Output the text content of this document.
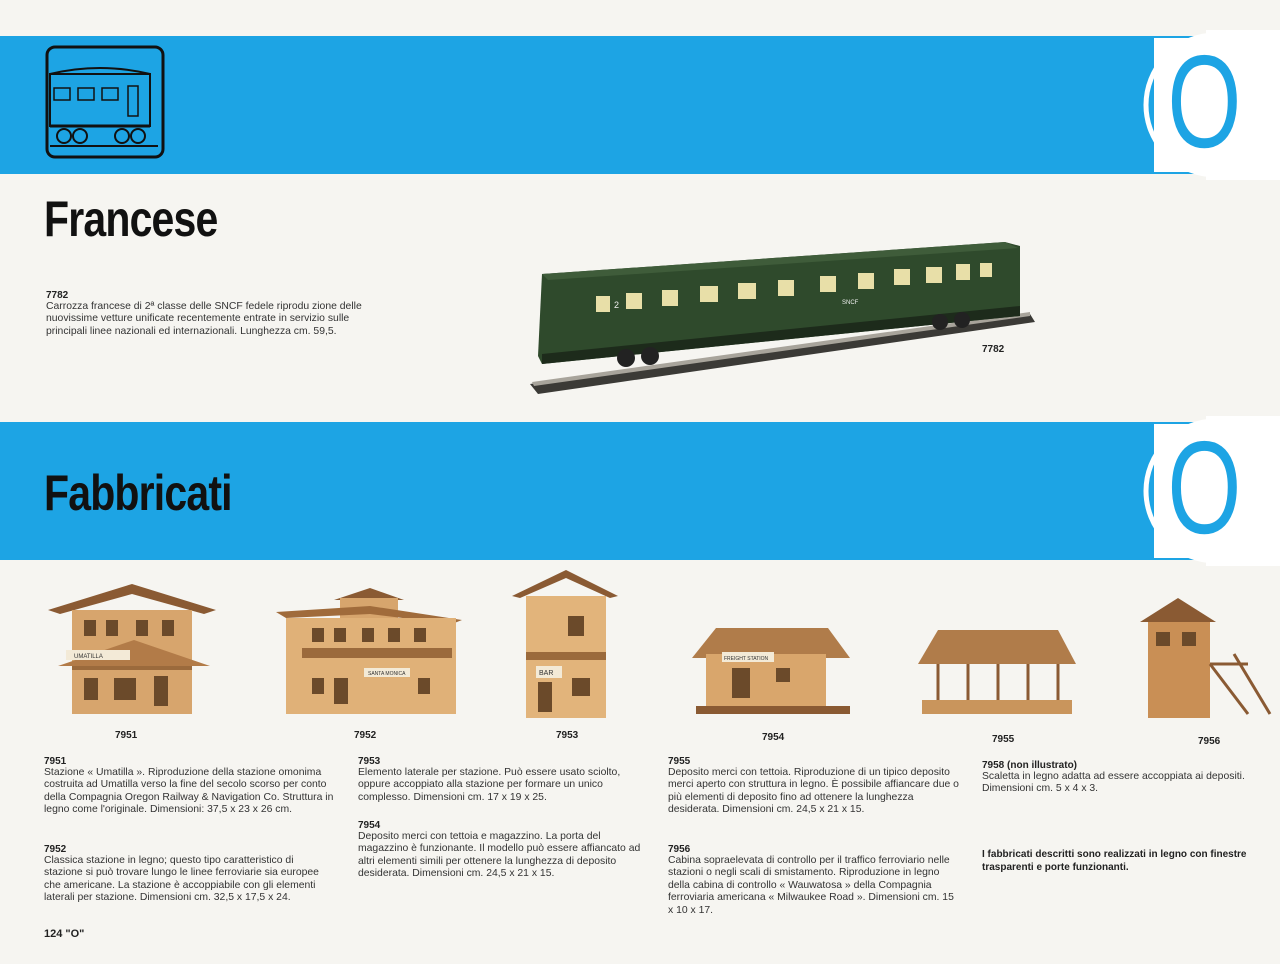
O
Francese
7782

Carrozza francese di 2ª classe delle SNCF fedele riprodu zione delle nuovissime vetture unificate recentemente entrate in servizio sulle principali linee nazionali ed internazionali. Lunghezza cm. 59,5.

2	SNCF
7782
O
Fabbricati
UMATILLA
SANTA MONICA	BAR
FREIGHT STATION
7951	7952	7953	7954	7955	7956
7951

Stazione « Umatilla ». Riproduzione della stazione omonima costruita ad Umatilla verso la fine del secolo scorso per conto della Compagnia Oregon Railway & Navigation Co. Struttura in legno come l'originale. Dimensioni: 37,5 x 23 x 26 cm.

7952

Classica stazione in legno; questo tipo caratteristico di stazione si può trovare lungo le linee ferroviarie sia europee che americane. La stazione è accoppiabile con gli elementi laterali per stazione. Dimensioni cm. 32,5 x 17,5 x 24.

7953

Elemento laterale per stazione. Può essere usato sciolto, oppure accoppiato alla stazione per formare un unico complesso. Dimensioni cm. 17 x 19 x 25.

7954

Deposito merci con tettoia e magazzino. La porta del magazzino è funzionante. Il modello può essere affiancato ad altri elementi simili per ottenere la lunghezza di deposito desiderata. Dimensioni cm. 24,5 x 21 x 15.

7955

Deposito merci con tettoia. Riproduzione di un tipico deposito merci aperto con struttura in legno. È possibile affiancare due o più elementi di deposito fino ad ottenere la lunghezza desiderata. Dimensioni cm. 24,5 x 21 x 15.

7956

Cabina sopraelevata di controllo per il traffico ferroviario nelle stazioni o negli scali di smistamento. Riproduzione in legno della cabina di controllo « Wauwatosa » della Compagnia ferroviaria americana « Milwaukee Road ». Dimensioni cm. 15 x 10 x 17.

7958 (non illustrato)

Scaletta in legno adatta ad essere accoppiata ai depositi. Dimensioni cm. 5 x 4 x 3.

I fabbricati descritti sono realizzati in legno con finestre trasparenti e porte funzionanti.
124 "O"
